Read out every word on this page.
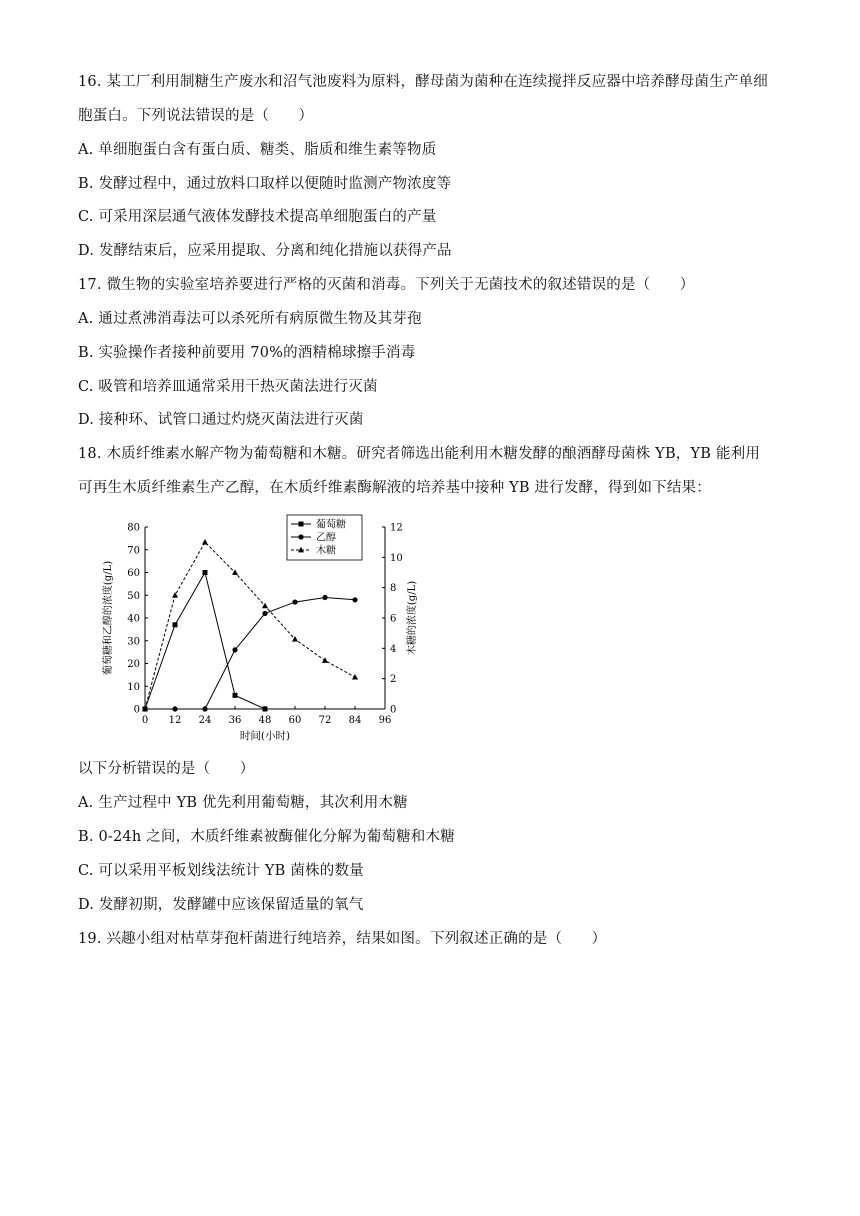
16. 某工厂利用制糖生产废水和沼气池废料为原料，酵母菌为菌种在连续搅拌反应器中培养酵母菌生产单细
胞蛋白。下列说法错误的是（　　）
A. 单细胞蛋白含有蛋白质、糖类、脂质和维生素等物质
B. 发酵过程中，通过放料口取样以便随时监测产物浓度等
C. 可采用深层通气液体发酵技术提高单细胞蛋白的产量
D. 发酵结束后，应采用提取、分离和纯化措施以获得产品
17. 微生物的实验室培养要进行严格的灭菌和消毒。下列关于无菌技术的叙述错误的是（　　）
A. 通过煮沸消毒法可以杀死所有病原微生物及其芽孢
B. 实验操作者接种前要用 70%的酒精棉球擦手消毒
C. 吸管和培养皿通常采用干热灭菌法进行灭菌
D. 接种环、试管口通过灼烧灭菌法进行灭菌
18. 木质纤维素水解产物为葡萄糖和木糖。研究者筛选出能利用木糖发酵的酿酒酵母菌株 YB，YB 能利用
可再生木质纤维素生产乙醇，在木质纤维素酶解液的培养基中接种 YB 进行发酵，得到如下结果：
0 12 24 36 48 60 72 84 96
0
10
20
30
40
50
60
70
80
0
2
4
6
8
10
12
时间(小时)
葡萄糖和乙醇的浓度(g/L)	木糖的浓度(g/L)
葡萄糖
乙醇
木糖
以下分析错误的是（　　）
A. 生产过程中 YB 优先利用葡萄糖，其次利用木糖
B. 0-24h 之间，木质纤维素被酶催化分解为葡萄糖和木糖
C. 可以采用平板划线法统计 YB 菌株的数量
D. 发酵初期，发酵罐中应该保留适量的氧气
19. 兴趣小组对枯草芽孢杆菌进行纯培养，结果如图。下列叙述正确的是（　　）
